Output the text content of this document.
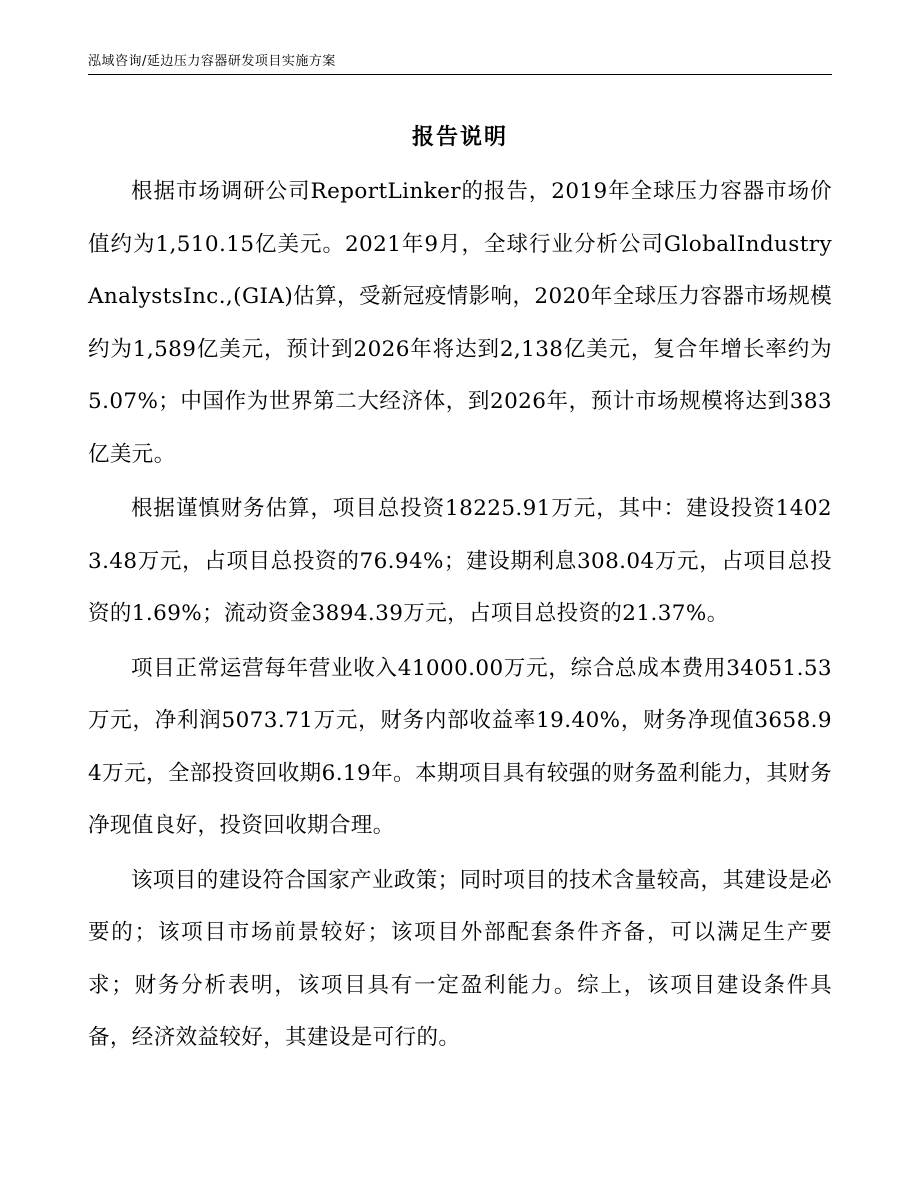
泓域咨询/延边压力容器研发项目实施方案
报告说明

根据市场调研公司ReportLinker的报告，2019年全球压力容器市场价值约为1,510.15亿美元。2021年9月，全球行业分析公司GlobalIndustryAnalystsInc.,(GIA)估算，受新冠疫情影响，2020年全球压力容器市场规模约为1,589亿美元，预计到2026年将达到2,138亿美元，复合年增长率约为5.07%；中国作为世界第二大经济体，到2026年，预计市场规模将达到383亿美元。

根据谨慎财务估算，项目总投资18225.91万元，其中：建设投资14023.48万元，占项目总投资的76.94%；建设期利息308.04万元，占项目总投资的1.69%；流动资金3894.39万元，占项目总投资的21.37%。

项目正常运营每年营业收入41000.00万元，综合总成本费用34051.53万元，净利润5073.71万元，财务内部收益率19.40%，财务净现值3658.94万元，全部投资回收期6.19年。本期项目具有较强的财务盈利能力，其财务净现值良好，投资回收期合理。

该项目的建设符合国家产业政策；同时项目的技术含量较高，其建设是必要的；该项目市场前景较好；该项目外部配套条件齐备，可以满足生产要求；财务分析表明，该项目具有一定盈利能力。综上，该项目建设条件具备，经济效益较好，其建设是可行的。
